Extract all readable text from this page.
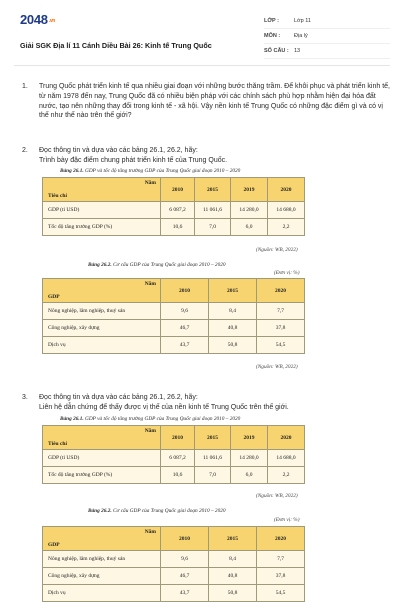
2048.vn
Giải SGK Địa lí 11 Cánh Diều Bài 26: Kinh tế Trung Quốc
LỚP :	Lớp 11
MÔN :	Địa lý
SỐ CÂU : 13
1. Trung Quốc phát triển kinh tế qua nhiều giai đoạn với những bước thăng trầm. Để khôi phục và phát triển kinh tế, từ năm 1978 đến nay, Trung Quốc đã có nhiều biện pháp với các chính sách phù hợp nhằm hiện đại hóa đất nước, tạo nên những thay đổi trong kinh tế - xã hội. Vậy nền kinh tế Trung Quốc có những đặc điểm gì và có vị thế như thế nào trên thế giới?
2. Đọc thông tin và dựa vào các bảng 26.1, 26.2, hãy:
Trình bày đặc điểm chung phát triển kinh tế của Trung Quốc.
Bảng 26.1. GDP và tốc độ tăng trưởng GDP của Trung Quốc giai đoạn 2010 – 2020
Năm
Tiêu chí	2010	2015	2019	2020
GDP (tỉ USD)	6 087,2	11 061,6	14 280,0	14 688,0
Tốc độ tăng trưởng GDP (%)	10,6	7,0	6,0	2,2
(Nguồn: WB, 2022)
Bảng 26.2. Cơ cấu GDP của Trung Quốc giai đoạn 2010 – 2020
(Đơn vị: %)
Năm
GDP	2010	2015	2020
Nông nghiệp, lâm nghiệp, thuỷ sản	9,6	8,4	7,7
Công nghiệp, xây dựng	46,7	40,8	37,8
Dịch vụ	43,7	50,8	54,5
(Nguồn: WB, 2022)
3. Đọc thông tin và dựa vào các bảng 26.1, 26.2, hãy:
Liên hệ dẫn chứng để thấy được vị thế của nền kinh tế Trung Quốc trên thế giới.
Bảng 26.1. GDP và tốc độ tăng trưởng GDP của Trung Quốc giai đoạn 2010 – 2020
Năm
Tiêu chí	2010	2015	2019	2020
GDP (tỉ USD)	6 087,2	11 061,6	14 280,0	14 688,0
Tốc độ tăng trưởng GDP (%)	10,6	7,0	6,0	2,2
(Nguồn: WB, 2022)
Bảng 26.2. Cơ cấu GDP của Trung Quốc giai đoạn 2010 – 2020
(Đơn vị: %)
Năm
GDP	2010	2015	2020
Nông nghiệp, lâm nghiệp, thuỷ sản	9,6	8,4	7,7
Công nghiệp, xây dựng	46,7	40,8	37,8
Dịch vụ	43,7	50,8	54,5
